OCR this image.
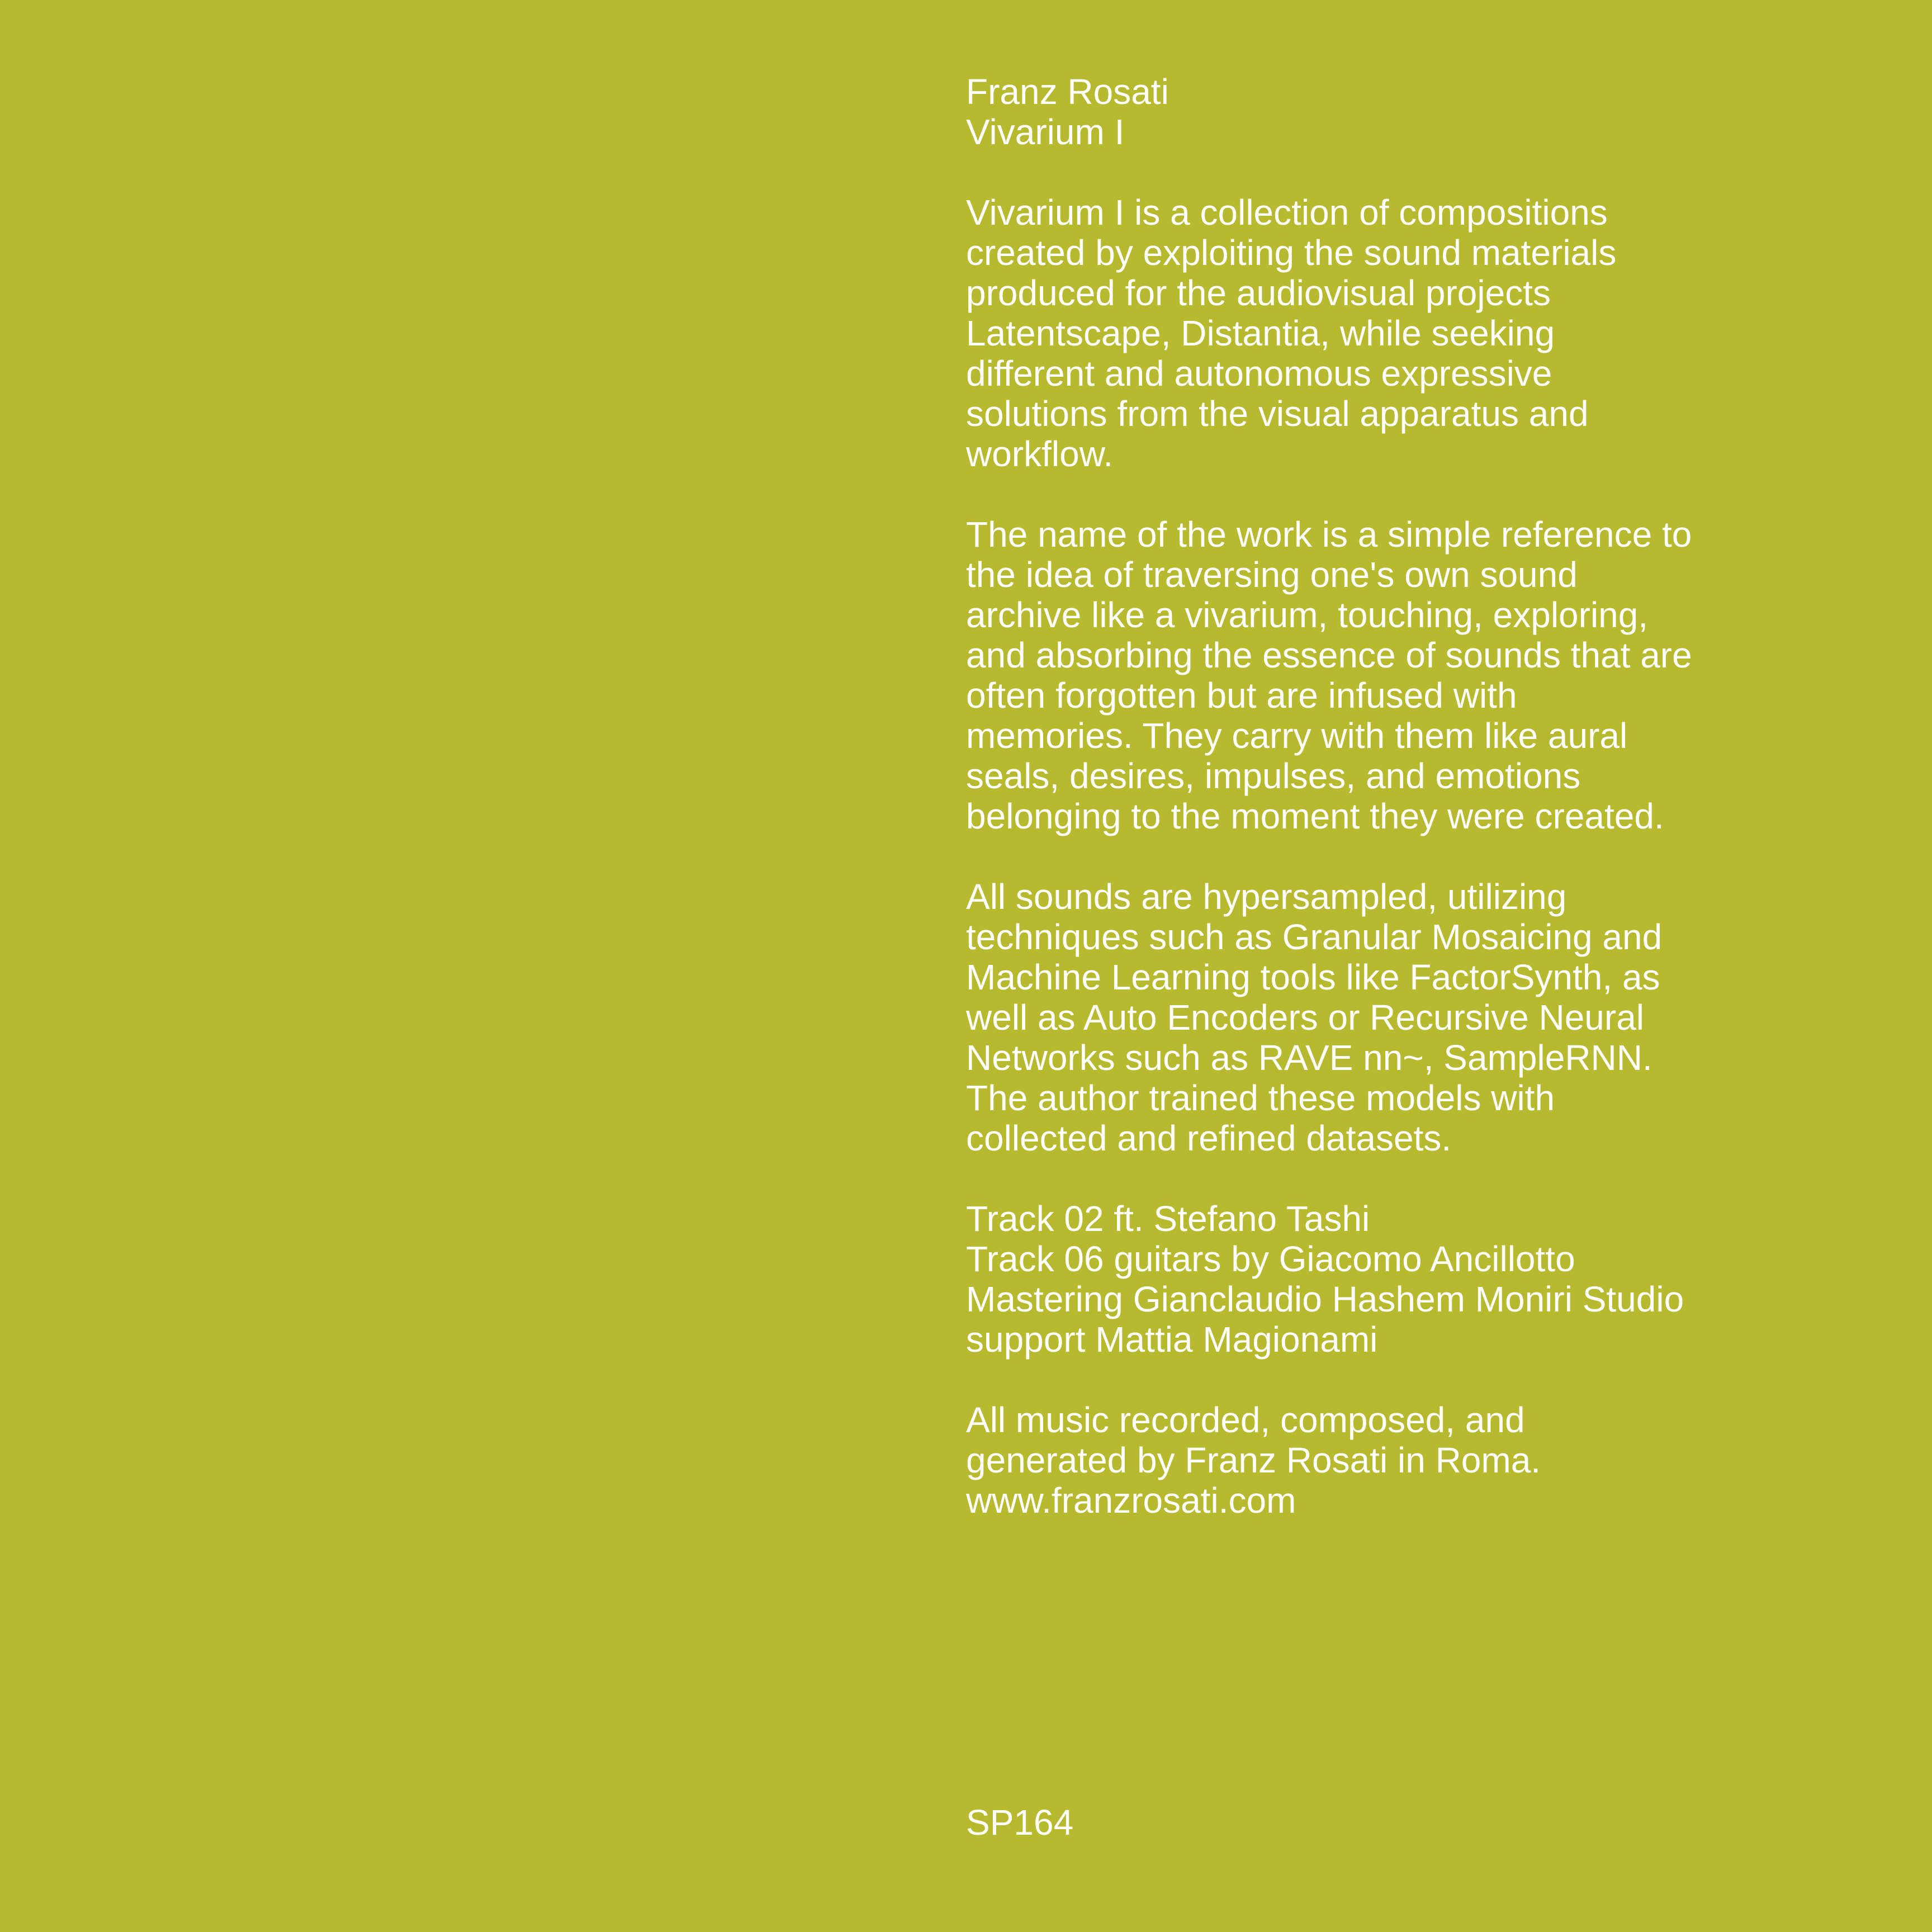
Franz Rosati
Vivarium I
Vivarium I is a collection of compositions
created by exploiting the sound materials
produced for the audiovisual projects
Latentscape, Distantia, while seeking
different and autonomous expressive
solutions from the visual apparatus and
workflow.
The name of the work is a simple reference to
the idea of traversing one's own sound
archive like a vivarium, touching, exploring,
and absorbing the essence of sounds that are
often forgotten but are infused with
memories. They carry with them like aural
seals, desires, impulses, and emotions
belonging to the moment they were created.
All sounds are hypersampled, utilizing
techniques such as Granular Mosaicing and
Machine Learning tools like FactorSynth, as
well as Auto Encoders or Recursive Neural
Networks such as RAVE nn~, SampleRNN.
The author trained these models with
collected and refined datasets.
Track 02 ft. Stefano Tashi
Track 06 guitars by Giacomo Ancillotto
Mastering Gianclaudio Hashem Moniri Studio
support Mattia Magionami
All music recorded, composed, and
generated by Franz Rosati in Roma.
www.franzrosati.com
SP164
